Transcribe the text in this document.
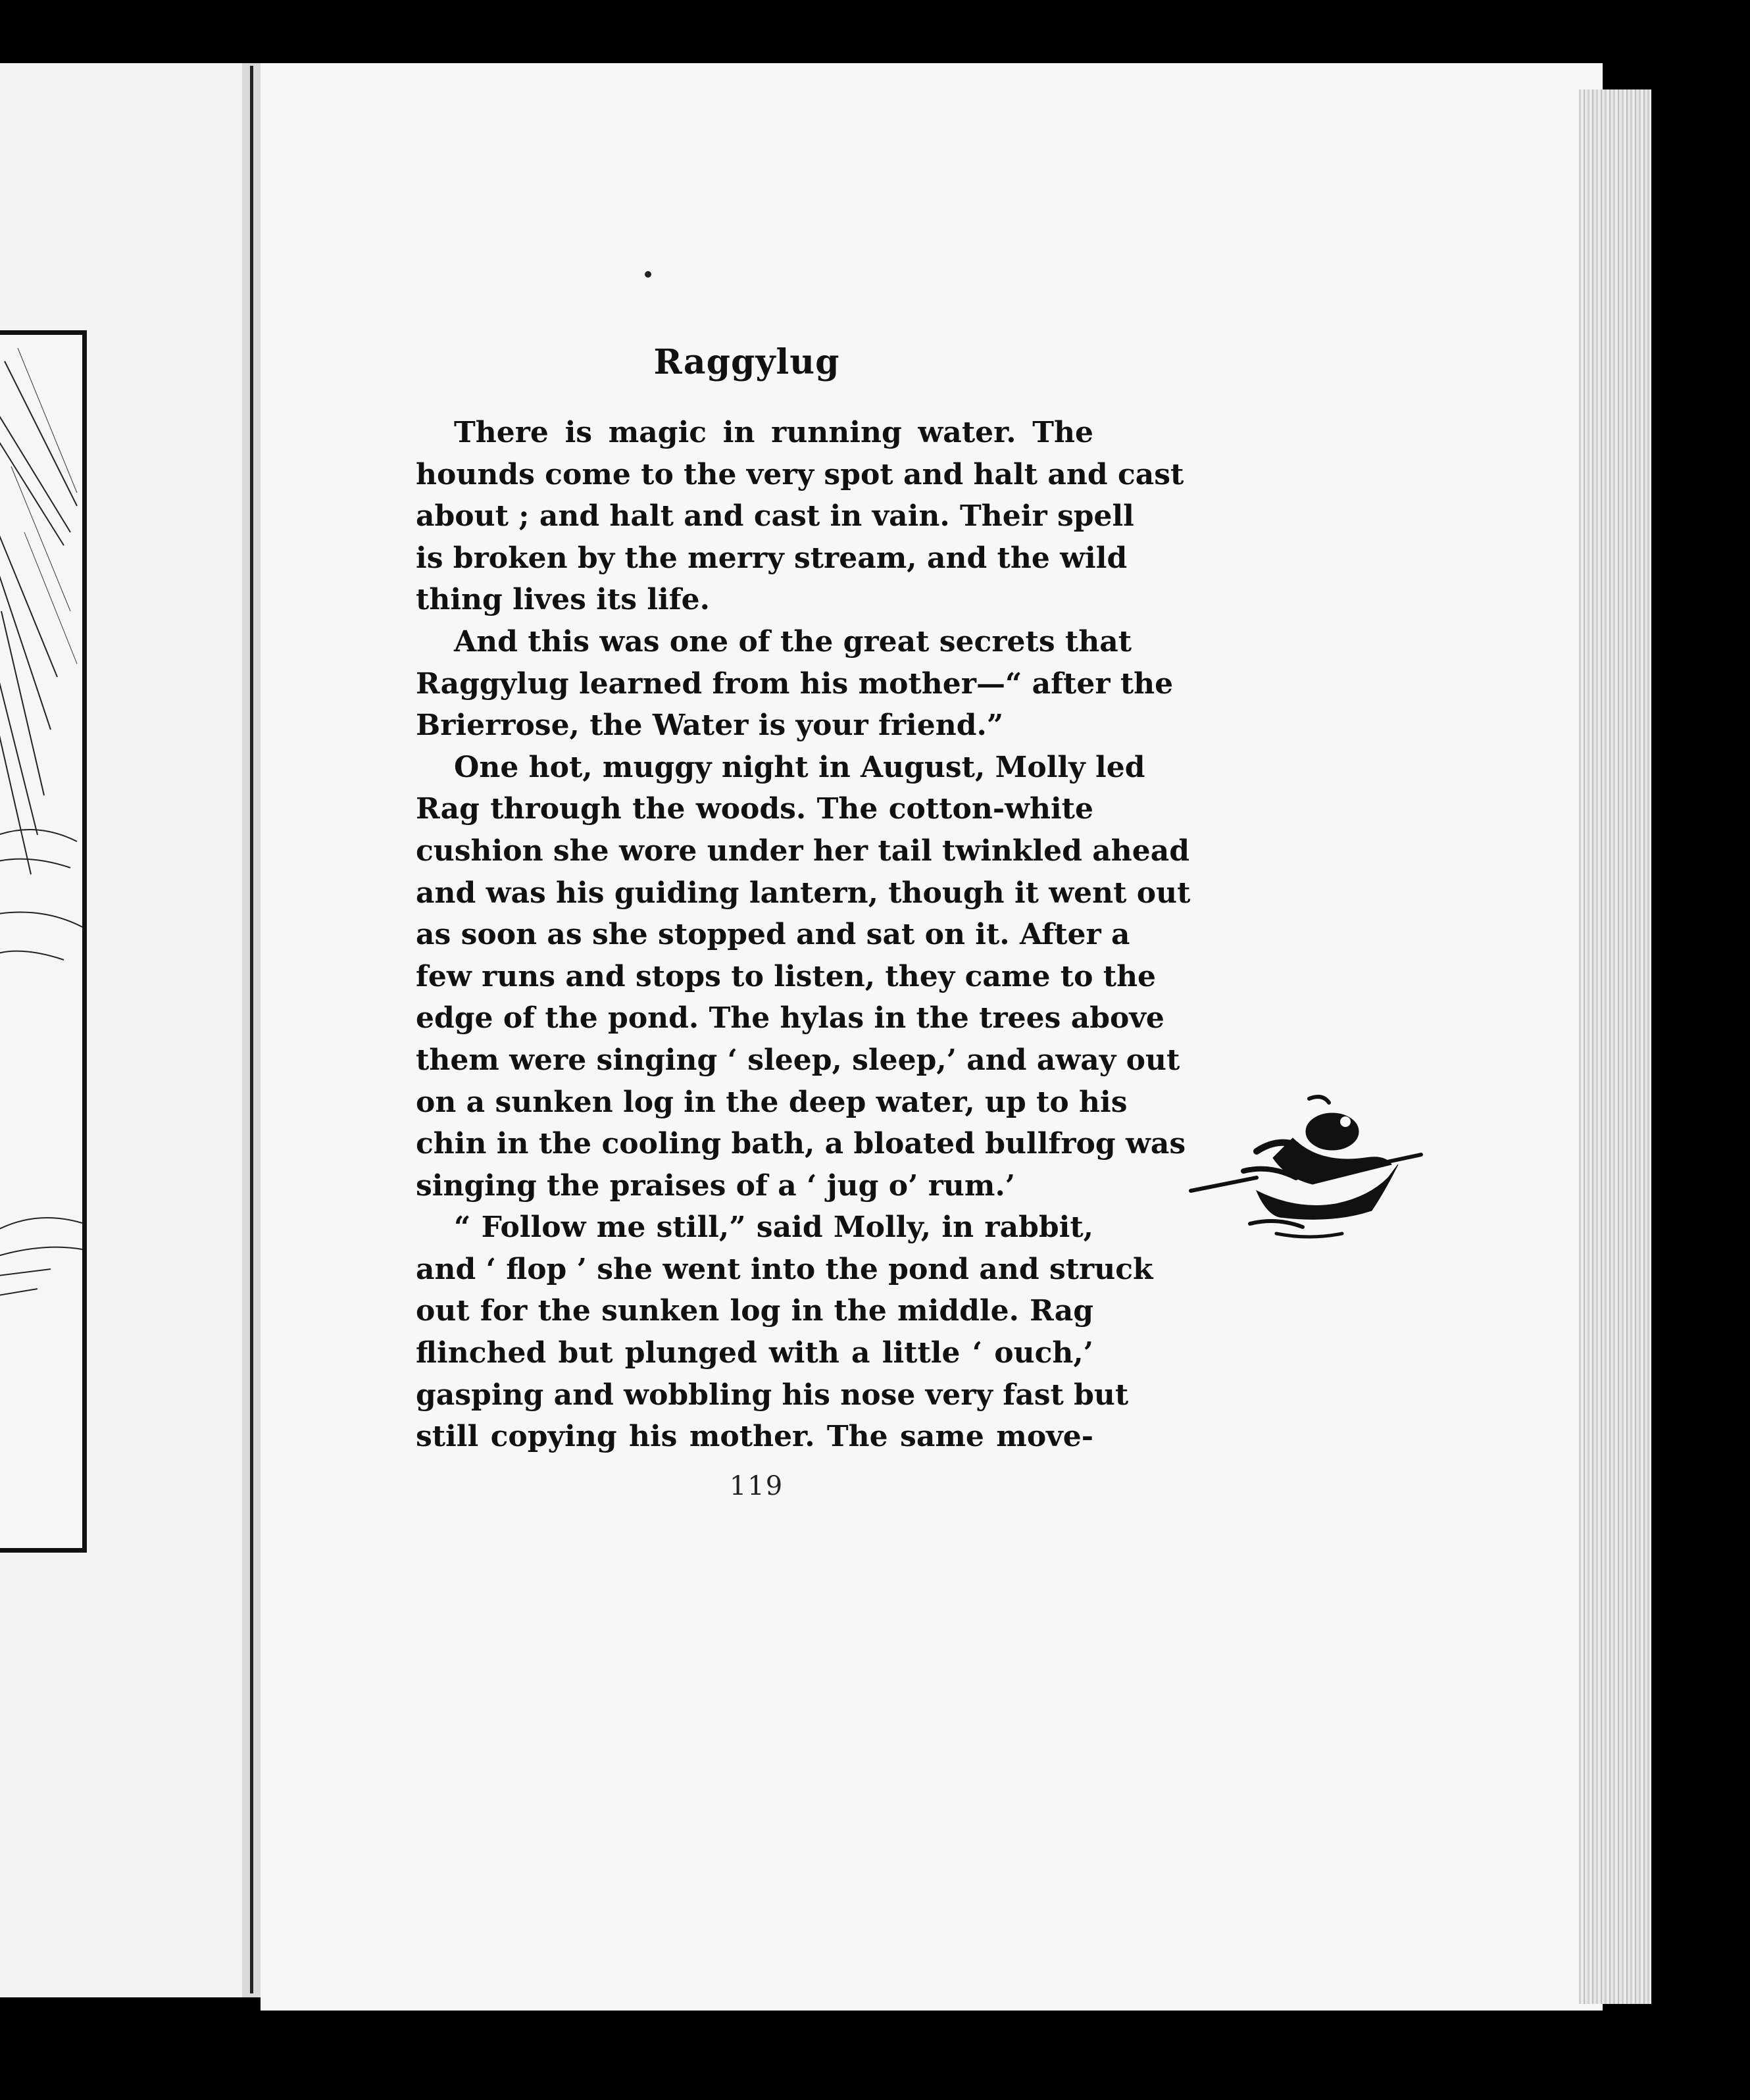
Raggylug
There is magic in running water. The
hounds come to the very spot and halt and cast
about ; and halt and cast in vain. Their spell
is broken by the merry stream, and the wild
thing lives its life.
And this was one of the great secrets that
Raggylug learned from his mother—“ after the
Brierrose, the Water is your friend.”
One hot, muggy night in August, Molly led
Rag through the woods. The cotton-white
cushion she wore under her tail twinkled ahead
and was his guiding lantern, though it went out
as soon as she stopped and sat on it. After a
few runs and stops to listen, they came to the
edge of the pond. The hylas in the trees above
them were singing ‘ sleep, sleep,’ and away out
on a sunken log in the deep water, up to his
chin in the cooling bath, a bloated bullfrog was
singing the praises of a ‘ jug o’ rum.’
“ Follow me still,” said Molly, in rabbit,
and ‘ flop ’ she went into the pond and struck
out for the sunken log in the middle. Rag
flinched but plunged with a little ‘ ouch,’
gasping and wobbling his nose very fast but
still copying his mother. The same move-
119
